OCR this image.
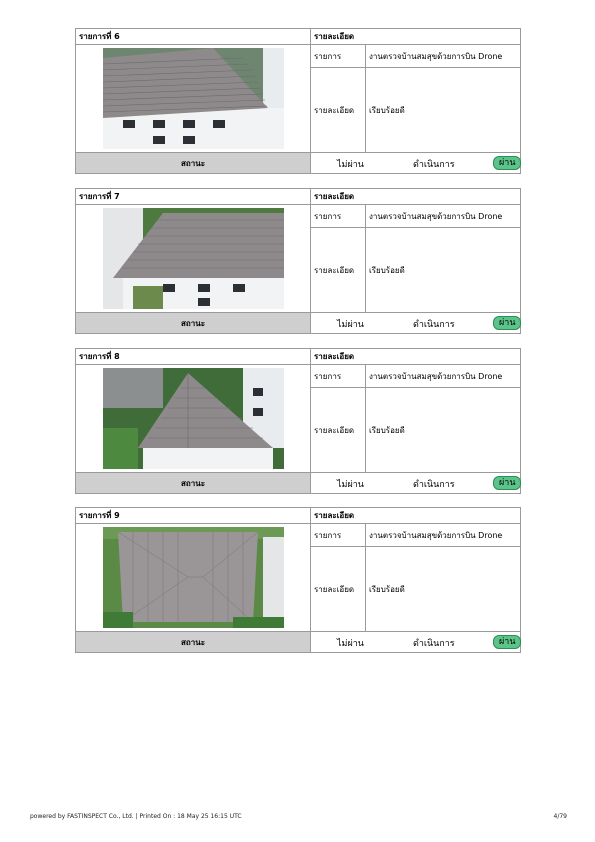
รายการที่ 6	รายละเอียด	

	รายการ	งานตรวจบ้านสมสุขด้วยการบิน Drone
	รายละเอียด	เรียบร้อยดี
สถานะ	ไม่ผ่าน ดำเนินการ ผ่าน	
รายการที่ 7	รายละเอียด	

	รายการ	งานตรวจบ้านสมสุขด้วยการบิน Drone
	รายละเอียด	เรียบร้อยดี
สถานะ	ไม่ผ่าน ดำเนินการ ผ่าน	
รายการที่ 8	รายละเอียด	

	รายการ	งานตรวจบ้านสมสุขด้วยการบิน Drone
	รายละเอียด	เรียบร้อยดี
สถานะ	ไม่ผ่าน ดำเนินการ ผ่าน	
รายการที่ 9	รายละเอียด	

	รายการ	งานตรวจบ้านสมสุขด้วยการบิน Drone
	รายละเอียด	เรียบร้อยดี
สถานะ	ไม่ผ่าน ดำเนินการ ผ่าน	
powered by FASTINSPECT Co., Ltd. | Printed On : 18 May 25 16:15 UTC	4/79
